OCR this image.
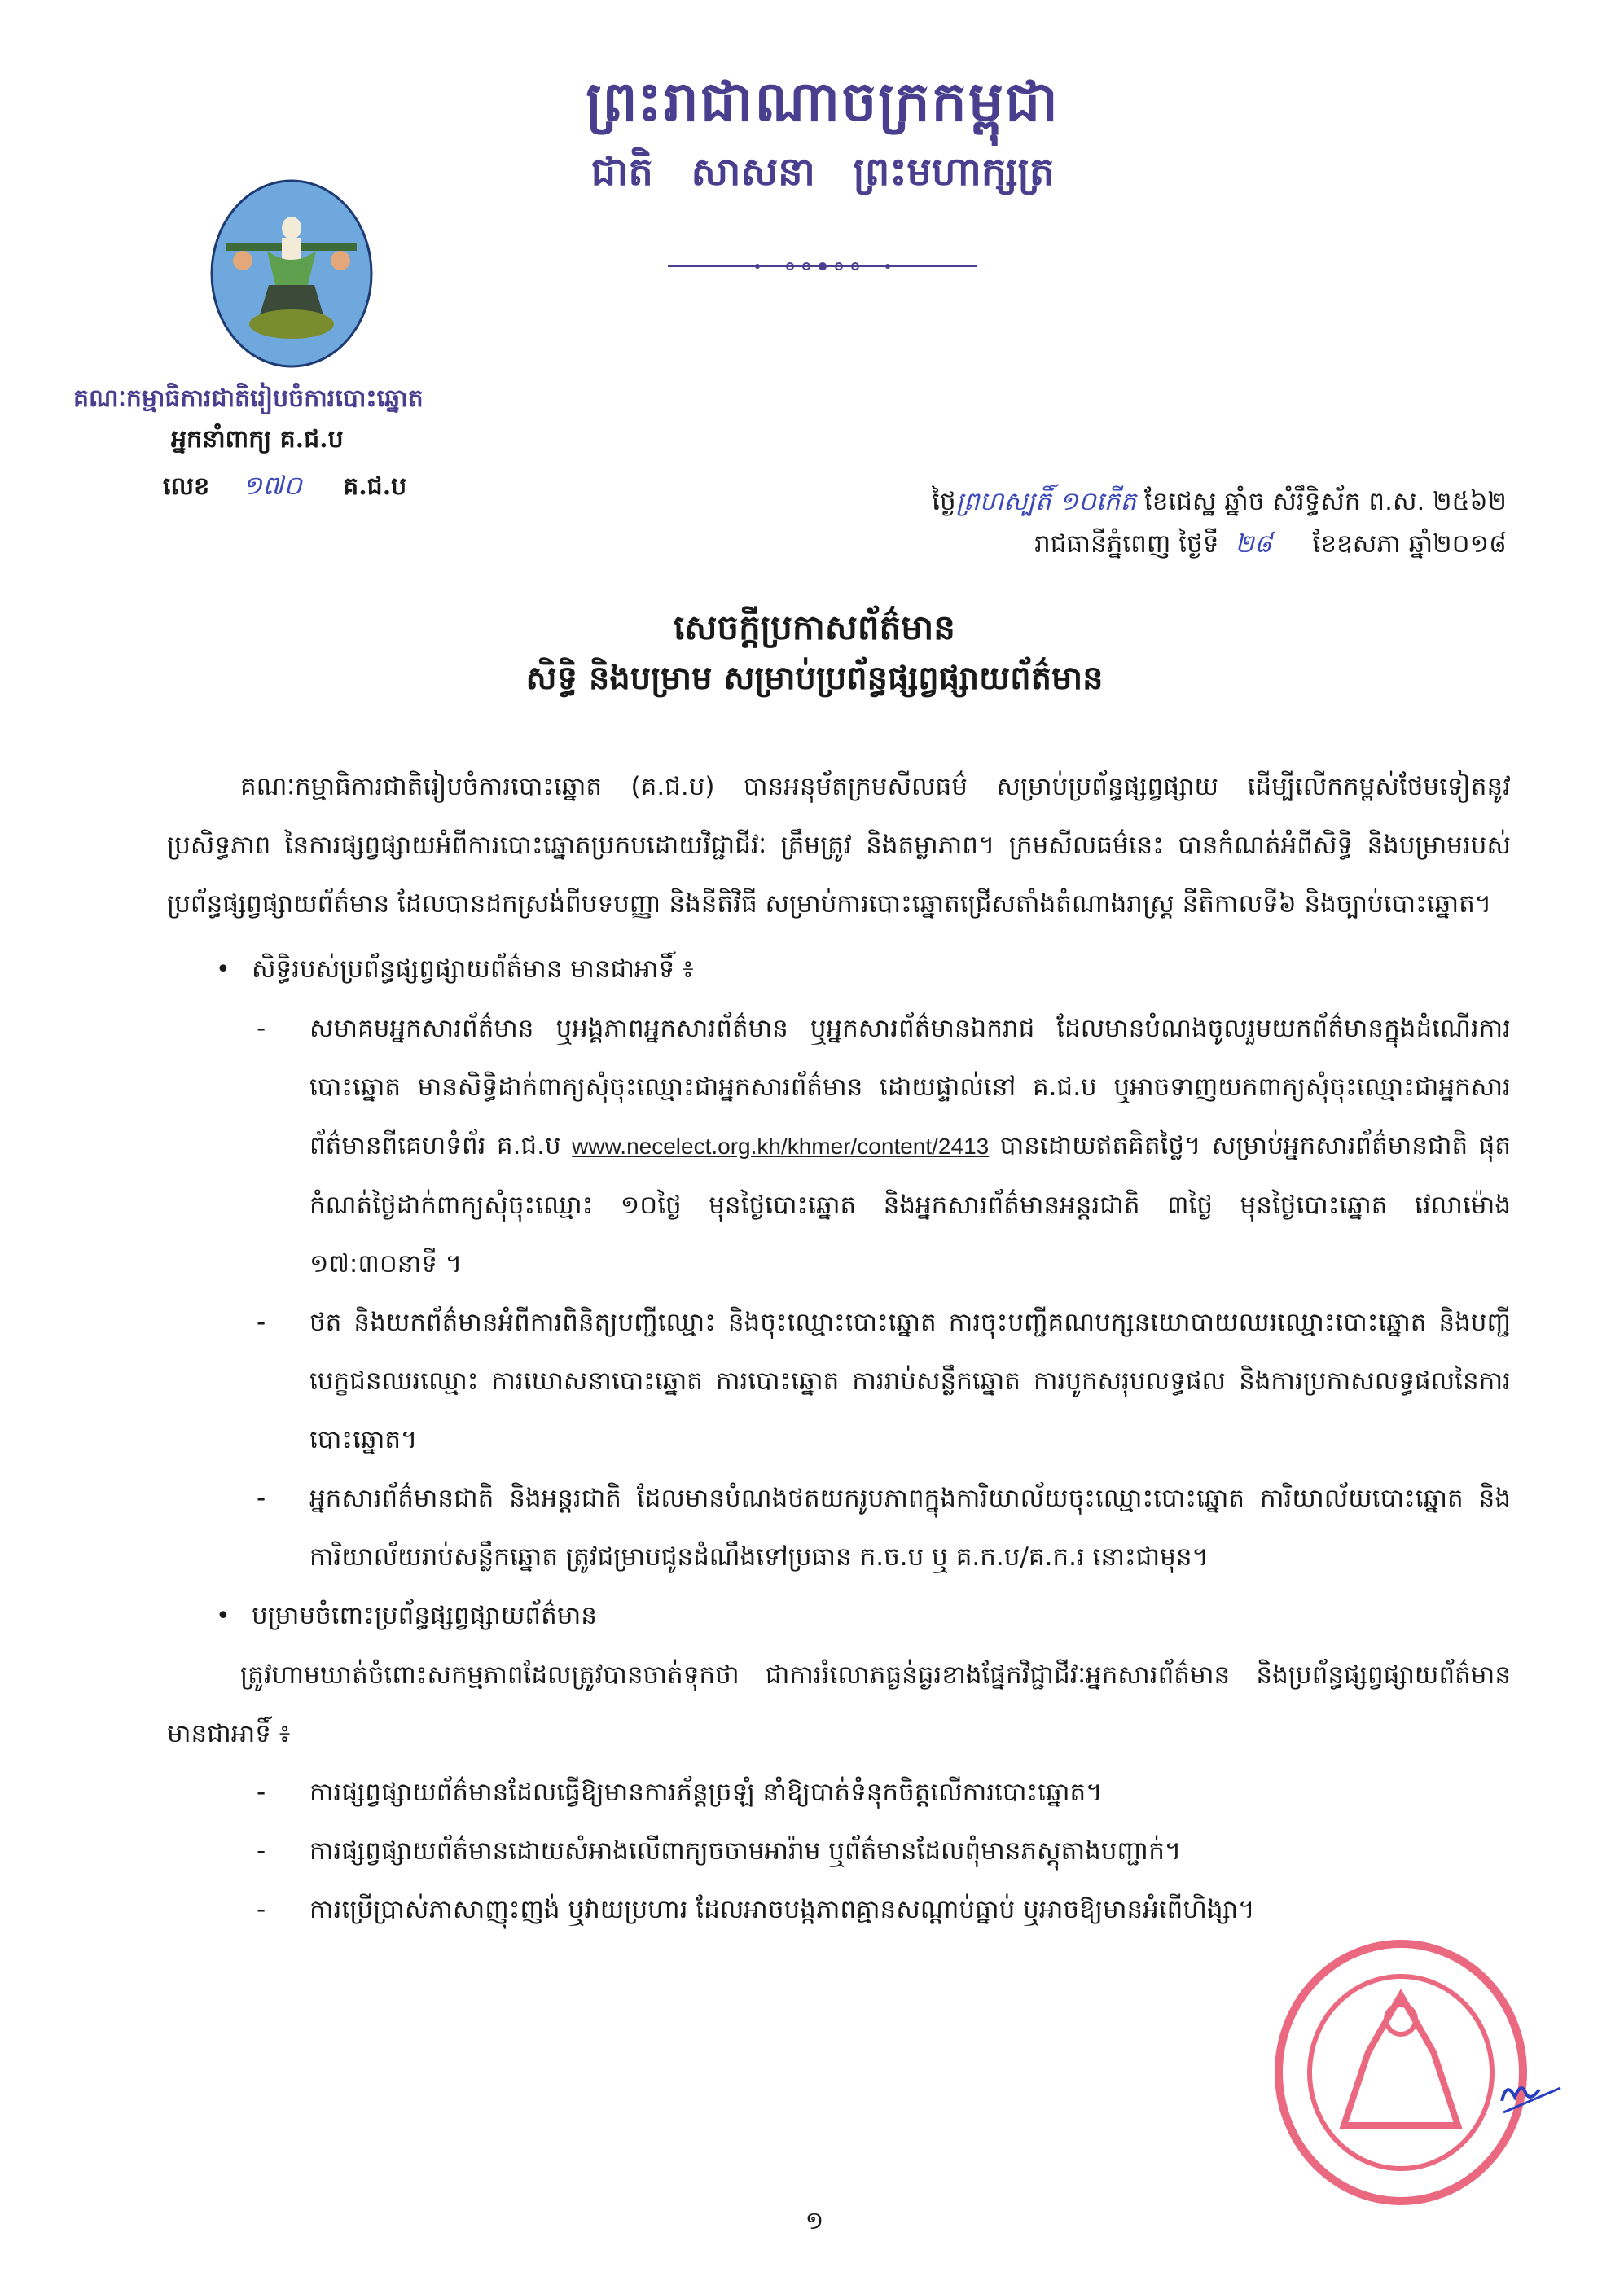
ព្រះរាជាណាចក្រកម្ពុជា
ជាតិ សាសនា ព្រះមហាក្សត្រ
គណៈកម្មាធិការជាតិរៀបចំការបោះឆ្នោត
អ្នកនាំពាក្យ គ.ជ.ប
លេខ ១៧០ គ.ជ.ប
ថ្ងៃព្រហស្បតិ៍ ១០កើត ខែជេស្ឋ ឆ្នាំច សំរឹទ្ធិស័ក ព.ស. ២៥៦២
រាជធានីភ្នំពេញ ថ្ងៃទី ២៨ ខែឧសភា ឆ្នាំ២០១៨
សេចក្តីប្រកាសព័ត៌មាន
សិទ្ធិ និងបម្រាម សម្រាប់ប្រព័ន្ធផ្សព្វផ្សាយព័ត៌មាន

គណៈកម្មាធិការជាតិរៀបចំការបោះឆ្នោត (គ.ជ.ប) បានអនុម័តក្រមសីលធម៌ សម្រាប់ប្រព័ន្ធផ្សព្វផ្សាយ ដើម្បីលើកកម្ពស់ថែមទៀតនូវប្រសិទ្ធភាព នៃការផ្សព្វផ្សាយអំពីការបោះឆ្នោតប្រកបដោយវិជ្ជាជីវៈ ត្រឹមត្រូវ និងតម្លាភាព។ ក្រមសីលធម៌នេះ បានកំណត់អំពីសិទ្ធិ និងបម្រាមរបស់ប្រព័ន្ធផ្សព្វផ្សាយព័ត៌មាន ដែលបានដកស្រង់ពីបទបញ្ញា និងនីតិវិធី សម្រាប់ការបោះឆ្នោតជ្រើសតាំងតំណាងរាស្ត្រ នីតិកាលទី៦ និងច្បាប់បោះឆ្នោត។

• សិទ្ធិរបស់ប្រព័ន្ធផ្សព្វផ្សាយព័ត៌មាន មានជាអាទិ៍ ៖
-	សមាគមអ្នកសារព័ត៌មាន ឬអង្គភាពអ្នកសារព័ត៌មាន ឬអ្នកសារព័ត៌មានឯករាជ ដែលមានបំណងចូលរួមយកព័ត៌មានក្នុងដំណើរការបោះឆ្នោត មានសិទ្ធិដាក់ពាក្យសុំចុះឈ្មោះជាអ្នកសារព័ត៌មាន ដោយផ្ទាល់នៅ គ.ជ.ប ឬអាចទាញយកពាក្យសុំចុះឈ្មោះជាអ្នកសារព័ត៌មានពីគេហទំព័រ គ.ជ.ប www.necelect.org.kh/khmer/content/2413 បានដោយឥតគិតថ្លៃ។ សម្រាប់អ្នកសារព័ត៌មានជាតិ ផុតកំណត់ថ្ងៃដាក់ពាក្យសុំចុះឈ្មោះ ១០ថ្ងៃ មុនថ្ងៃបោះឆ្នោត និងអ្នកសារព័ត៌មានអន្តរជាតិ ៣ថ្ងៃ មុនថ្ងៃបោះឆ្នោត វេលាម៉ោង ១៧:៣០នាទី ។
-	ថត និងយកព័ត៌មានអំពីការពិនិត្យបញ្ជីឈ្មោះ និងចុះឈ្មោះបោះឆ្នោត ការចុះបញ្ជីគណបក្សនយោបាយឈរឈ្មោះបោះឆ្នោត និងបញ្ជីបេក្ខជនឈរឈ្មោះ ការឃោសនាបោះឆ្នោត ការបោះឆ្នោត ការរាប់សន្លឹកឆ្នោត ការបូកសរុបលទ្ធផល និងការប្រកាសលទ្ធផលនៃការបោះឆ្នោត។
-	អ្នកសារព័ត៌មានជាតិ និងអន្តរជាតិ ដែលមានបំណងថតយករូបភាពក្នុងការិយាល័យចុះឈ្មោះបោះឆ្នោត ការិយាល័យបោះឆ្នោត និងការិយាល័យរាប់សន្លឹកឆ្នោត ត្រូវជម្រាបជូនដំណឹងទៅប្រធាន ក.ច.ប ឬ គ.ក.ប/គ.ក.រ នោះជាមុន។
• បម្រាមចំពោះប្រព័ន្ធផ្សព្វផ្សាយព័ត៌មាន

ត្រូវហាមឃាត់ចំពោះសកម្មភាពដែលត្រូវបានចាត់ទុកថា ជាការរំលោភធ្ងន់ធ្ងរខាងផ្នែកវិជ្ជាជីវៈអ្នកសារព័ត៌មាន និងប្រព័ន្ធផ្សព្វផ្សាយព័ត៌មាន មានជាអាទិ៍ ៖

-	ការផ្សព្វផ្សាយព័ត៌មានដែលធ្វើឱ្យមានការភ័ន្តច្រឡំ នាំឱ្យបាត់ទំនុកចិត្តលើការបោះឆ្នោត។
-	ការផ្សព្វផ្សាយព័ត៌មានដោយសំអាងលើពាក្យចចាមអារ៉ាម ឬព័ត៌មានដែលពុំមានភស្តុតាងបញ្ជាក់។
-	ការប្រើប្រាស់ភាសាញុះញង់ ឬវាយប្រហារ ដែលអាចបង្កភាពគ្មានសណ្តាប់ធ្នាប់ ឬអាចឱ្យមានអំពើហិង្សា។
១
